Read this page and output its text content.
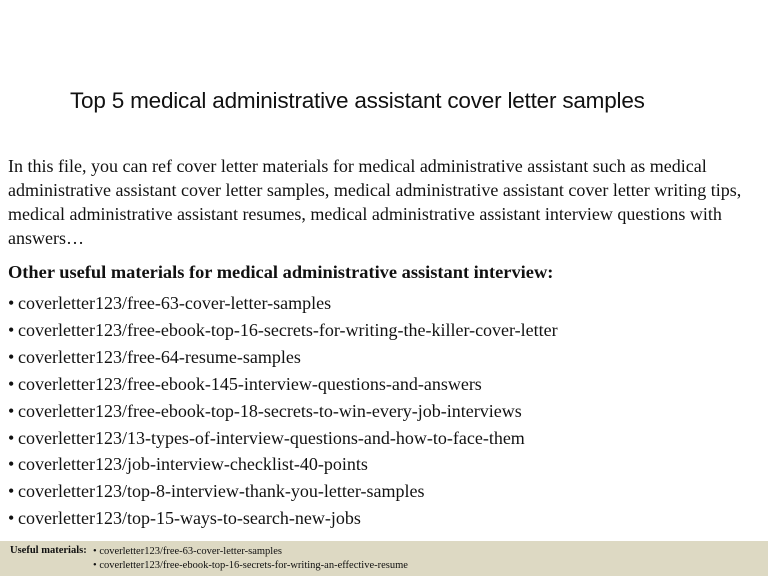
Top 5 medical administrative assistant cover letter samples

In this file, you can ref cover letter materials for medical administrative assistant such as medical administrative assistant cover letter samples, medical administrative assistant cover letter writing tips, medical administrative assistant resumes, medical administrative assistant interview questions with answers…

Other useful materials for medical administrative assistant interview:
• coverletter123/free-63-cover-letter-samples
• coverletter123/free-ebook-top-16-secrets-for-writing-the-killer-cover-letter
• coverletter123/free-64-resume-samples
• coverletter123/free-ebook-145-interview-questions-and-answers
• coverletter123/free-ebook-top-18-secrets-to-win-every-job-interviews
• coverletter123/13-types-of-interview-questions-and-how-to-face-them
• coverletter123/job-interview-checklist-40-points
• coverletter123/top-8-interview-thank-you-letter-samples
• coverletter123/top-15-ways-to-search-new-jobs
Useful materials: • coverletter123/free-63-cover-letter-samples
• coverletter123/free-ebook-top-16-secrets-for-writing-an-effective-resume
